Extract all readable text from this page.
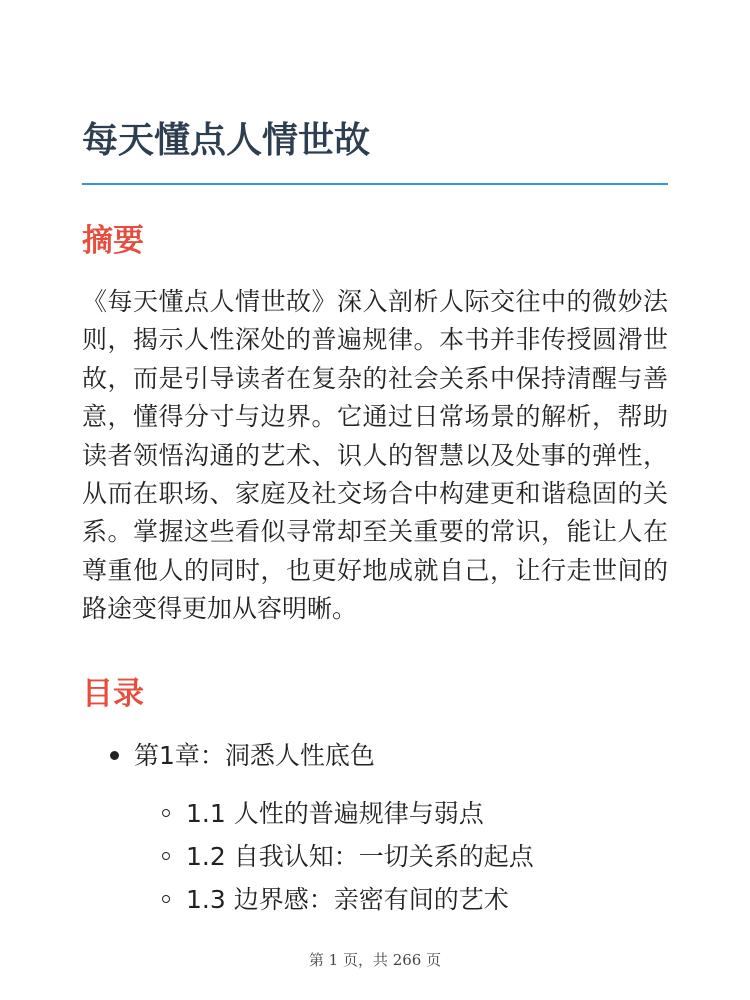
每天懂点人情世故
摘要

《每天懂点人情世故》深入剖析人际交往中的微妙法则，揭示人性深处的普遍规律。本书并非传授圆滑世故，而是引导读者在复杂的社会关系中保持清醒与善意，懂得分寸与边界。它通过日常场景的解析，帮助读者领悟沟通的艺术、识人的智慧以及处事的弹性，从而在职场、家庭及社交场合中构建更和谐稳固的关系。掌握这些看似寻常却至关重要的常识，能让人在尊重他人的同时，也更好地成就自己，让行走世间的路途变得更加从容明晰。

目录
第1章：洞悉人性底色
1.1 人性的普遍规律与弱点
1.2 自我认知：一切关系的起点
1.3 边界感：亲密有间的艺术
第 1 页，共 266 页
